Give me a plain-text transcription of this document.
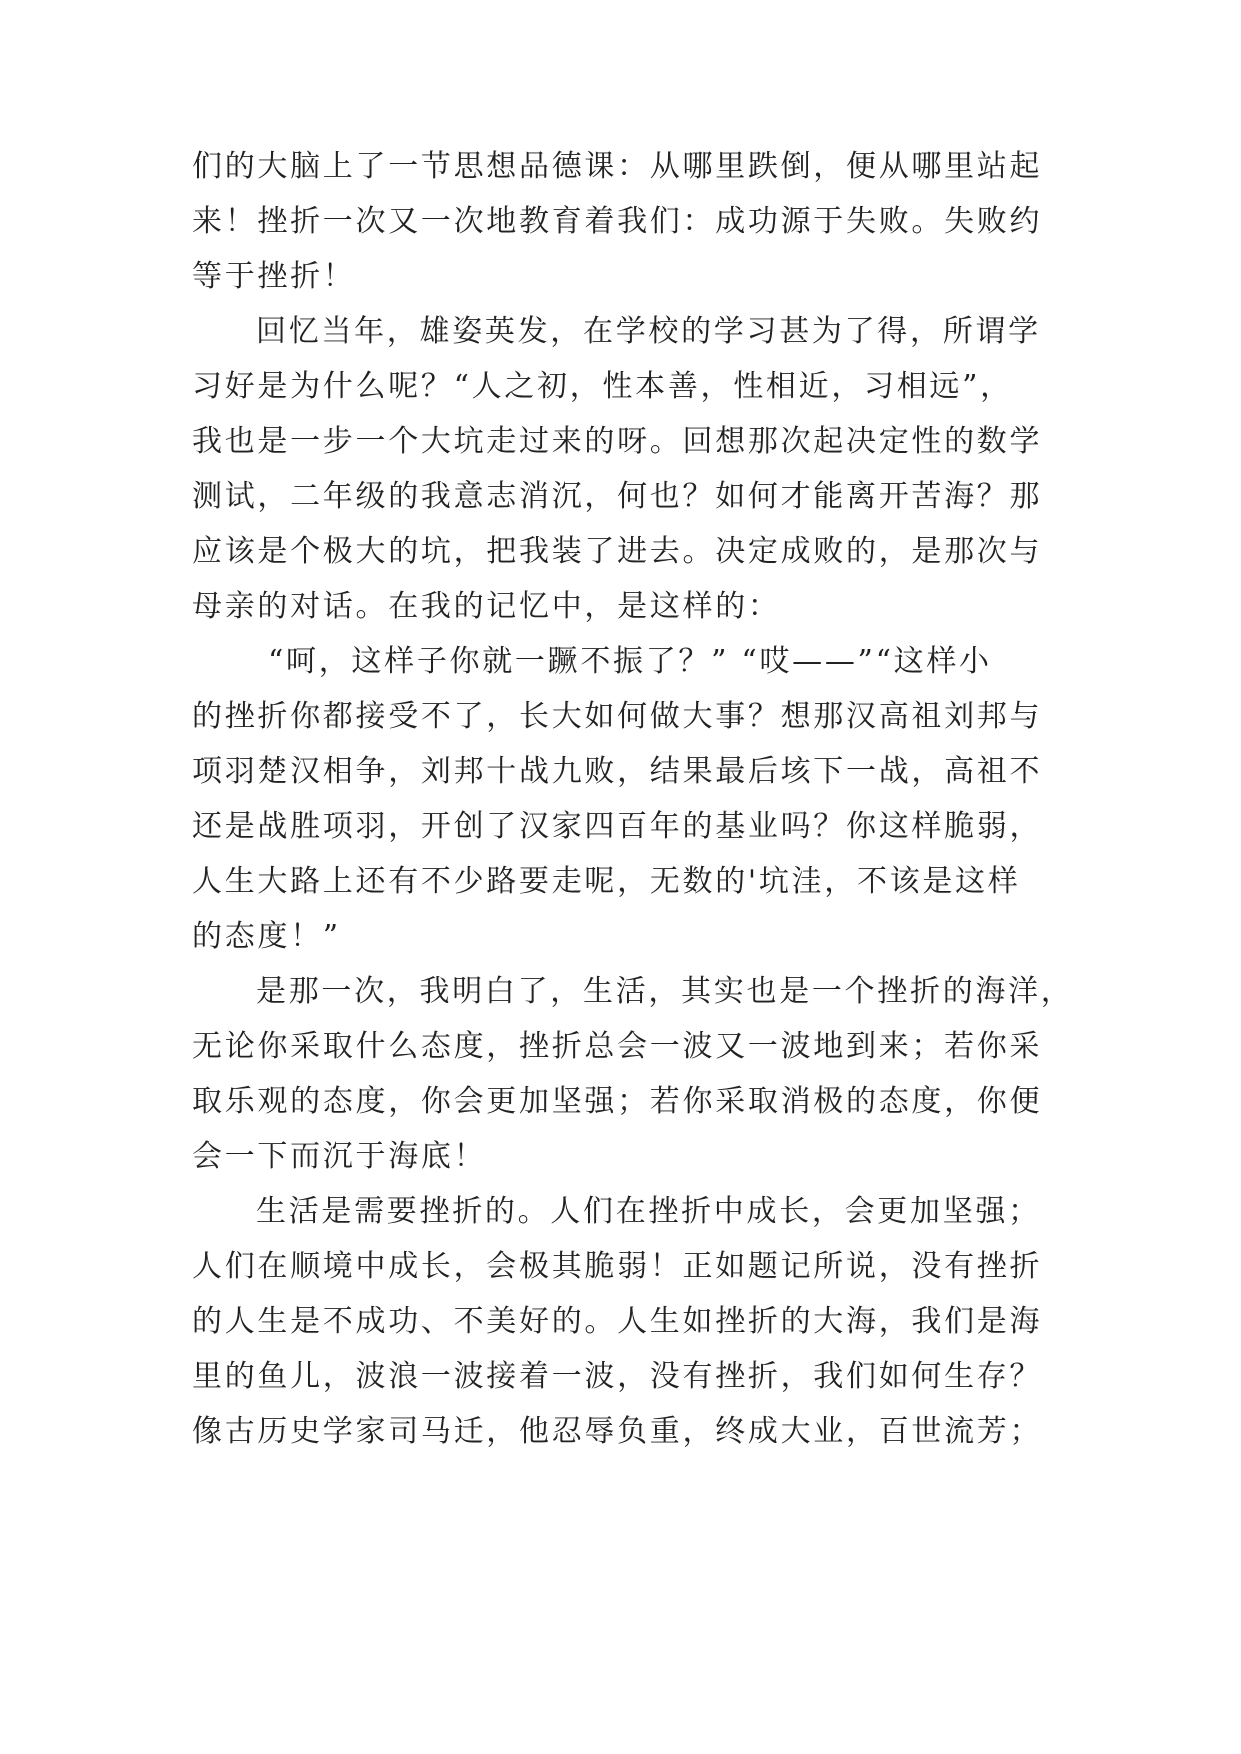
们的大脑上了一节思想品德课：从哪里跌倒，便从哪里站起
来！挫折一次又一次地教育着我们：成功源于失败。失败约
等于挫折！
回忆当年，雄姿英发，在学校的学习甚为了得，所谓学
习好是为什么呢？“人之初，性本善，性相近，习相远”，
我也是一步一个大坑走过来的呀。回想那次起决定性的数学
测试，二年级的我意志消沉，何也？如何才能离开苦海？那
应该是个极大的坑，把我装了进去。决定成败的，是那次与
母亲的对话。在我的记忆中，是这样的：
“呵，这样子你就一蹶不振了？” “哎——”“这样小
的挫折你都接受不了，长大如何做大事？想那汉高祖刘邦与
项羽楚汉相争，刘邦十战九败，结果最后垓下一战，高祖不
还是战胜项羽，开创了汉家四百年的基业吗？你这样脆弱，
人生大路上还有不少路要走呢，无数的'坑洼，不该是这样
的态度！”
是那一次，我明白了，生活，其实也是一个挫折的海洋，
无论你采取什么态度，挫折总会一波又一波地到来；若你采
取乐观的态度，你会更加坚强；若你采取消极的态度，你便
会一下而沉于海底！
生活是需要挫折的。人们在挫折中成长，会更加坚强；
人们在顺境中成长，会极其脆弱！正如题记所说，没有挫折
的人生是不成功、不美好的。人生如挫折的大海，我们是海
里的鱼儿，波浪一波接着一波，没有挫折，我们如何生存？
像古历史学家司马迁，他忍辱负重，终成大业，百世流芳；
